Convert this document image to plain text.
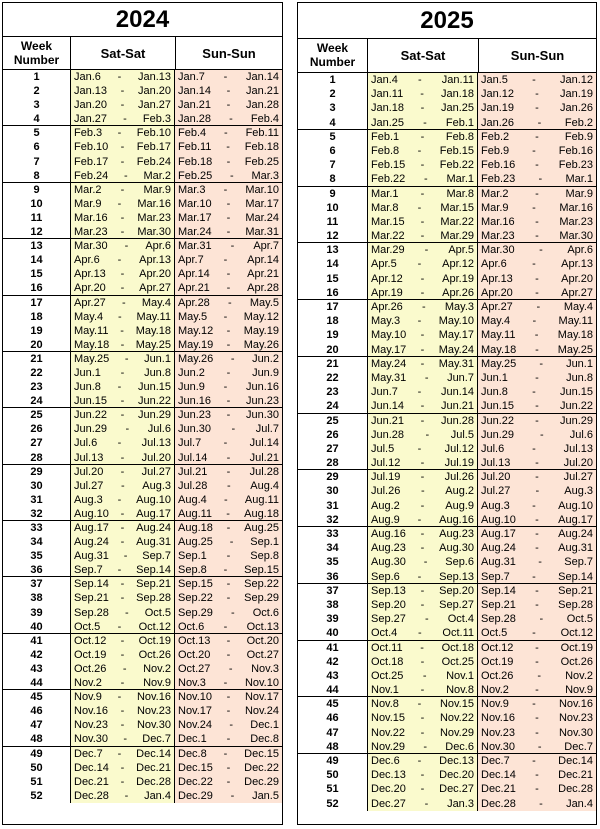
2024
Week
Number	Sat-Sat	Sun-Sun
1	Jan.6 - Jan.13 Jan.7 - Jan.14
2	Jan.13 - Jan.20 Jan.14 - Jan.21
3	Jan.20 - Jan.27 Jan.21 - Jan.28
4	Jan.27 - Feb.3 Jan.28 - Feb.4
5	Feb.3 - Feb.10 Feb.4 - Feb.11
6	Feb.10 - Feb.17 Feb.11 - Feb.18
7	Feb.17 - Feb.24 Feb.18 - Feb.25
8	Feb.24 - Mar.2 Feb.25 - Mar.3
9	Mar.2 - Mar.9 Mar.3 - Mar.10
10	Mar.9 - Mar.16 Mar.10 - Mar.17
11	Mar.16 - Mar.23 Mar.17 - Mar.24
12	Mar.23 - Mar.30 Mar.24 - Mar.31
13	Mar.30 - Apr.6 Mar.31 - Apr.7
14	Apr.6 - Apr.13 Apr.7 - Apr.14
15	Apr.13 - Apr.20 Apr.14 - Apr.21
16	Apr.20 - Apr.27 Apr.21 - Apr.28
17	Apr.27 - May.4 Apr.28 - May.5
18	May.4 - May.11 May.5 - May.12
19	May.11 - May.18 May.12 - May.19
20	May.18 - May.25 May.19 - May.26
21	May.25 - Jun.1 May.26 - Jun.2
22	Jun.1 - Jun.8 Jun.2 - Jun.9
23	Jun.8 - Jun.15 Jun.9 - Jun.16
24	Jun.15 - Jun.22 Jun.16 - Jun.23
25	Jun.22 - Jun.29 Jun.23 - Jun.30
26	Jun.29 - Jul.6 Jun.30 - Jul.7
27	Jul.6 - Jul.13 Jul.7 - Jul.14
28	Jul.13 - Jul.20 Jul.14 - Jul.21
29	Jul.20 - Jul.27 Jul.21 - Jul.28
30	Jul.27 - Aug.3 Jul.28 - Aug.4
31	Aug.3 - Aug.10 Aug.4 - Aug.11
32	Aug.10 - Aug.17 Aug.11 - Aug.18
33	Aug.17 - Aug.24 Aug.18 - Aug.25
34	Aug.24 - Aug.31 Aug.25 - Sep.1
35	Aug.31 - Sep.7 Sep.1 - Sep.8
36	Sep.7 - Sep.14 Sep.8 - Sep.15
37	Sep.14 - Sep.21 Sep.15 - Sep.22
38	Sep.21 - Sep.28 Sep.22 - Sep.29
39	Sep.28 - Oct.5 Sep.29 - Oct.6
40	Oct.5 - Oct.12 Oct.6 - Oct.13
41	Oct.12 - Oct.19 Oct.13 - Oct.20
42	Oct.19 - Oct.26 Oct.20 - Oct.27
43	Oct.26 - Nov.2 Oct.27 - Nov.3
44	Nov.2 - Nov.9 Nov.3 - Nov.10
45	Nov.9 - Nov.16 Nov.10 - Nov.17
46	Nov.16 - Nov.23 Nov.17 - Nov.24
47	Nov.23 - Nov.30 Nov.24 - Dec.1
48	Nov.30 - Dec.7 Dec.1 - Dec.8
49	Dec.7 - Dec.14 Dec.8 - Dec.15
50	Dec.14 - Dec.21 Dec.15 - Dec.22
51	Dec.21 - Dec.28 Dec.22 - Dec.29
52	Dec.28 - Jan.4 Dec.29 - Jan.5
2025
Week
Number	Sat-Sat	Sun-Sun
1	Jan.4 - Jan.11 Jan.5 - Jan.12
2	Jan.11 - Jan.18 Jan.12 - Jan.19
3	Jan.18 - Jan.25 Jan.19 - Jan.26
4	Jan.25 - Feb.1 Jan.26 - Feb.2
5	Feb.1 - Feb.8 Feb.2 - Feb.9
6	Feb.8 - Feb.15 Feb.9 - Feb.16
7	Feb.15 - Feb.22 Feb.16 - Feb.23
8	Feb.22 - Mar.1 Feb.23 - Mar.1
9	Mar.1 - Mar.8 Mar.2 - Mar.9
10	Mar.8 - Mar.15 Mar.9 - Mar.16
11	Mar.15 - Mar.22 Mar.16 - Mar.23
12	Mar.22 - Mar.29 Mar.23 - Mar.30
13	Mar.29 - Apr.5 Mar.30 - Apr.6
14	Apr.5 - Apr.12 Apr.6 - Apr.13
15	Apr.12 - Apr.19 Apr.13 - Apr.20
16	Apr.19 - Apr.26 Apr.20 - Apr.27
17	Apr.26 - May.3 Apr.27 - May.4
18	May.3 - May.10 May.4 - May.11
19	May.10 - May.17 May.11 - May.18
20	May.17 - May.24 May.18 - May.25
21	May.24 - May.31 May.25 - Jun.1
22	May.31 - Jun.7 Jun.1 - Jun.8
23	Jun.7 - Jun.14 Jun.8 - Jun.15
24	Jun.14 - Jun.21 Jun.15 - Jun.22
25	Jun.21 - Jun.28 Jun.22 - Jun.29
26	Jun.28 - Jul.5 Jun.29 - Jul.6
27	Jul.5 - Jul.12 Jul.6	-	Jul.13
28	Jul.12 - Jul.19 Jul.13 - Jul.20
29	Jul.19 - Jul.26 Jul.20 - Jul.27
30	Jul.26 - Aug.2 Jul.27 - Aug.3
31	Aug.2 - Aug.9 Aug.3 - Aug.10
32	Aug.9 - Aug.16 Aug.10 - Aug.17
33	Aug.16 - Aug.23 Aug.17 - Aug.24
34	Aug.23 - Aug.30 Aug.24 - Aug.31
35	Aug.30 - Sep.6 Aug.31 - Sep.7
36	Sep.6 - Sep.13 Sep.7 - Sep.14
37	Sep.13 - Sep.20 Sep.14 - Sep.21
38	Sep.20 - Sep.27 Sep.21 - Sep.28
39	Sep.27 - Oct.4 Sep.28 - Oct.5
40	Oct.4 - Oct.11 Oct.5 - Oct.12
41	Oct.11 - Oct.18 Oct.12 - Oct.19
42	Oct.18 - Oct.25 Oct.19 - Oct.26
43	Oct.25 - Nov.1 Oct.26 - Nov.2
44	Nov.1 - Nov.8 Nov.2 - Nov.9
45	Nov.8 - Nov.15 Nov.9 - Nov.16
46	Nov.15 - Nov.22 Nov.16 - Nov.23
47	Nov.22 - Nov.29 Nov.23 - Nov.30
48	Nov.29 - Dec.6 Nov.30 - Dec.7
49	Dec.6 - Dec.13 Dec.7 - Dec.14
50	Dec.13 - Dec.20 Dec.14 - Dec.21
51	Dec.20 - Dec.27 Dec.21 - Dec.28
52	Dec.27 - Jan.3 Dec.28 - Jan.4
